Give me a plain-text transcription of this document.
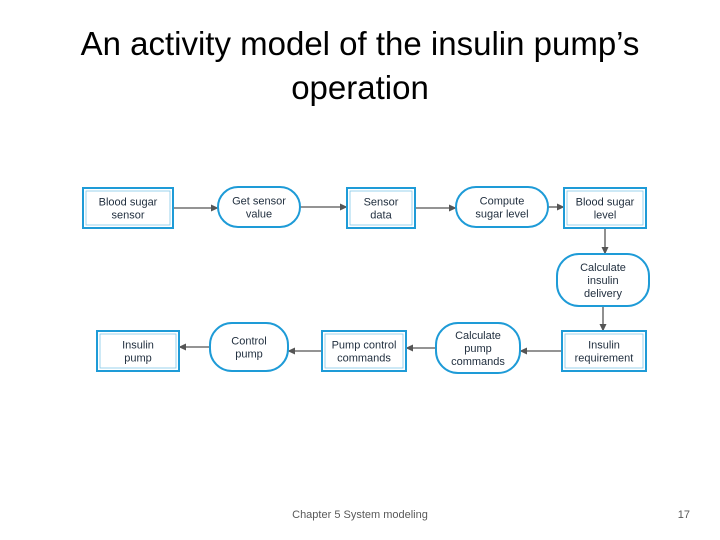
An activity model of the insulin pump’s
operation
Blood sugar
sensor
Get sensor
value
Sensor
data
Compute
sugar level
Blood sugar
level
Calculate
insulin
delivery
Insulin
requirement
Calculate
pump
commands
Pump control
commands
Control
pump
Insulin
pump
Chapter 5 System modeling	17
